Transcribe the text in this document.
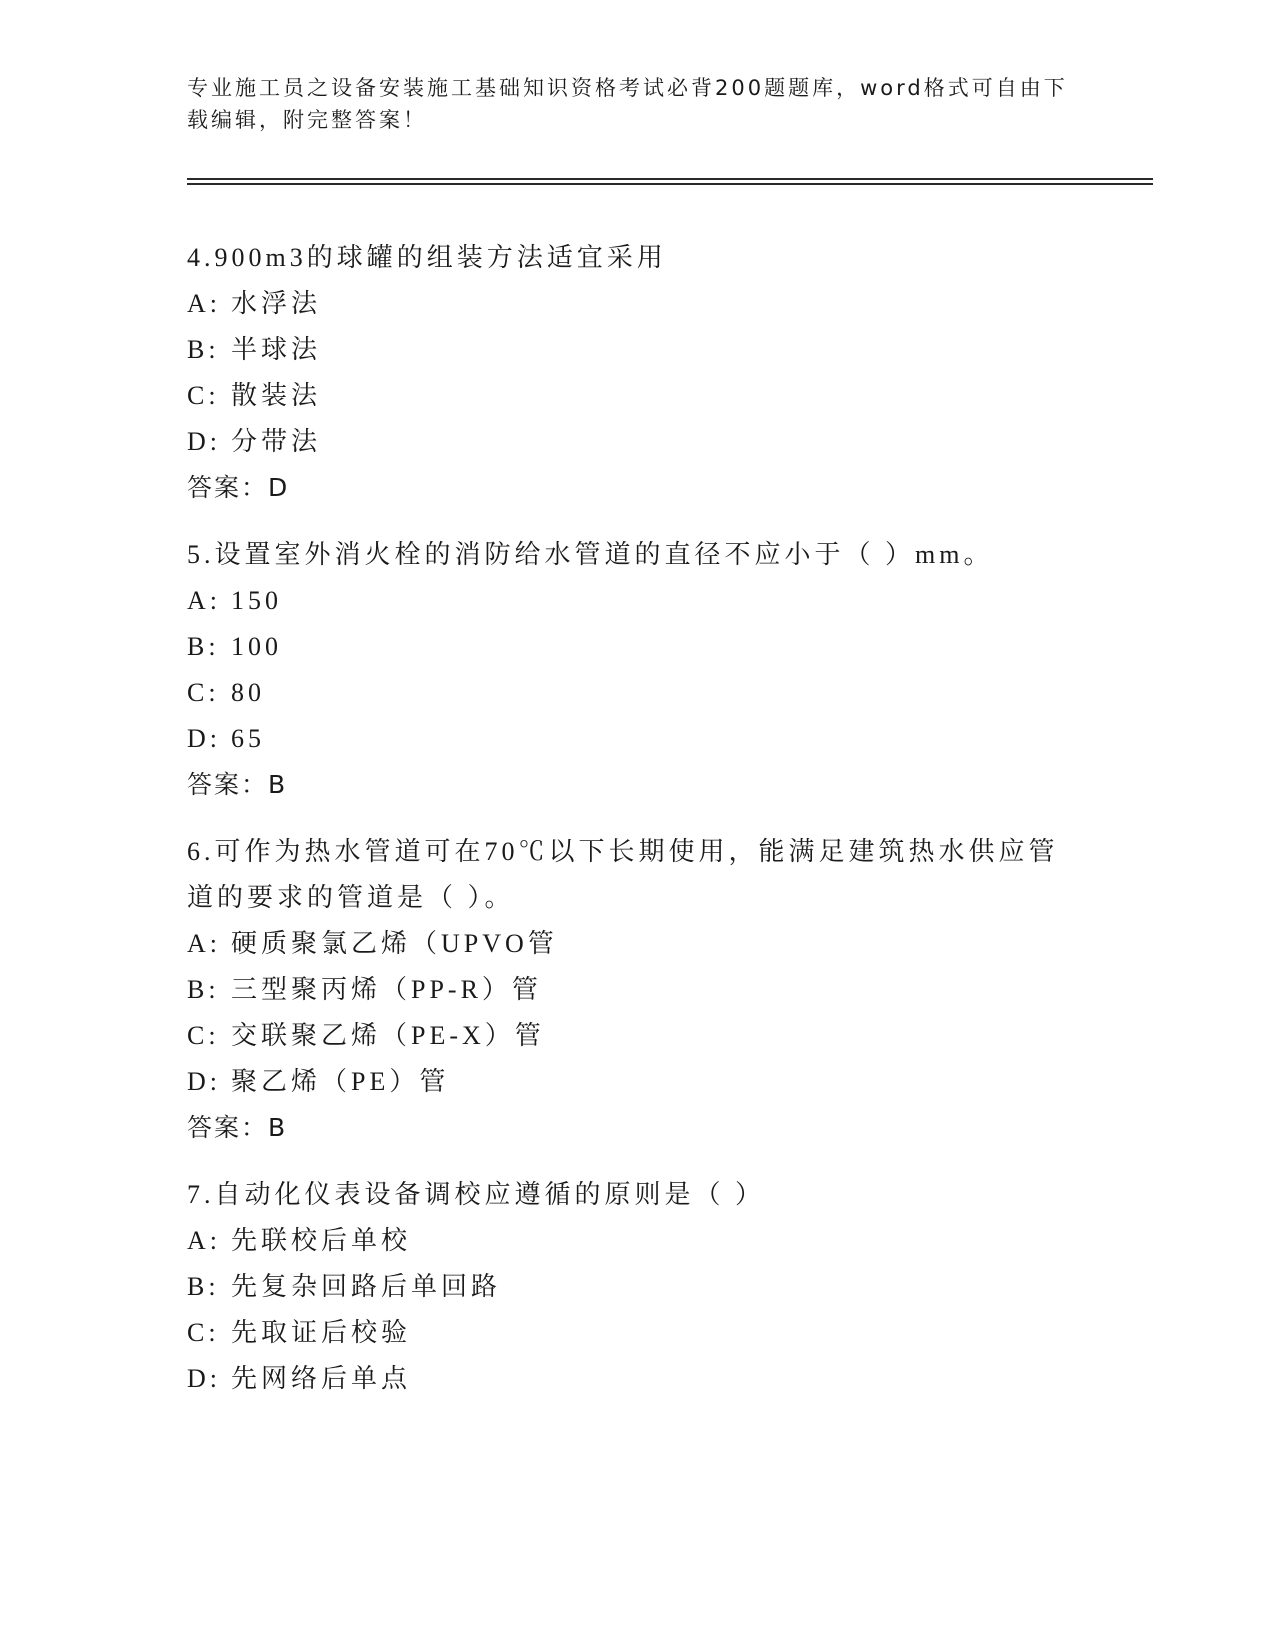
专业施工员之设备安装施工基础知识资格考试必背200题题库，word格式可自由下载编辑，附完整答案！

4.900m3的球罐的组装方法适宜采用

A: 水浮法

B: 半球法

C: 散装法

D: 分带法

答案：D

5.设置室外消火栓的消防给水管道的直径不应小于（ ）mm。

A: 150

B: 100

C: 80

D: 65

答案：B

6.可作为热水管道可在70℃以下长期使用，能满足建筑热水供应管道的要求的管道是（ ）。

A: 硬质聚氯乙烯（UPVO管

B: 三型聚丙烯（PP-R）管

C: 交联聚乙烯（PE-X）管

D: 聚乙烯（PE）管

答案：B

7.自动化仪表设备调校应遵循的原则是（ ）

A: 先联校后单校

B: 先复杂回路后单回路

C: 先取证后校验

D: 先网络后单点
